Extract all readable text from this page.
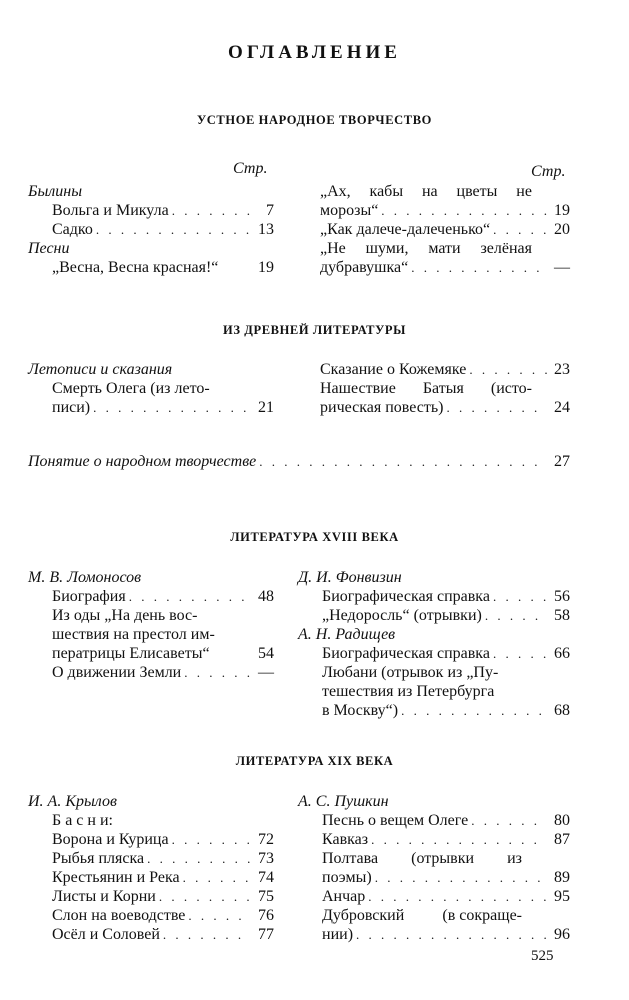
ОГЛАВЛЕНИЕ
УСТНОЕ НАРОДНОЕ ТВОРЧЕСТВО
Стр.	Стр.
Былины
Вольга и Микула . . .	7
Садко . . .	13
Песни
„Весна, Весна красная!“ 19
„Ах, кабы на цветы не
морозы“ . . .	19
„Как далече-далеченько“ . . .	20
„Не шуми, мати зелёная
дубравушка“ . . .	—
ИЗ ДРЕВНЕЙ ЛИТЕРАТУРЫ
Летописи и сказания
Смерть Олега (из лето-
писи) . . .	21
Сказание о Кожемяке . . .	23
Нашествие Батыя (исто-
рическая повесть) . . .	24
Понятие о народном творчестве . . .	27
ЛИТЕРАТУРА XVIII ВЕКА
М. В. Ломоносов
Биография . . .	48
Из оды „На день вос-
шествия на престол им-
ператрицы Елисаветы“	54
О движении Земли . . .	—
Д. И. Фонвизин
Биографическая справка . . .	56
„Недоросль“ (отрывки) . . .	58
А. Н. Радищев
Биографическая справка . . .	66
Любани (отрывок из „Пу-
тешествия из Петербурга
в Москву“) . . .	68
ЛИТЕРАТУРА XIX ВЕКА
И. А. Крылов
Б а с н и:
Ворона и Курица . . .	72
Рыбья пляска . . .	73
Крестьянин и Река . . .	74
Листы и Корни . . .	75
Слон на воеводстве . . .	76
Осёл и Соловей . . .	77
А. С. Пушкин
Песнь о вещем Олеге . . .	80
Кавказ . . .	87
Полтава (отрывки из
поэмы) . . .	89
Анчар . . .	95
Дубровский (в сокраще-
нии) . . .	96
525
